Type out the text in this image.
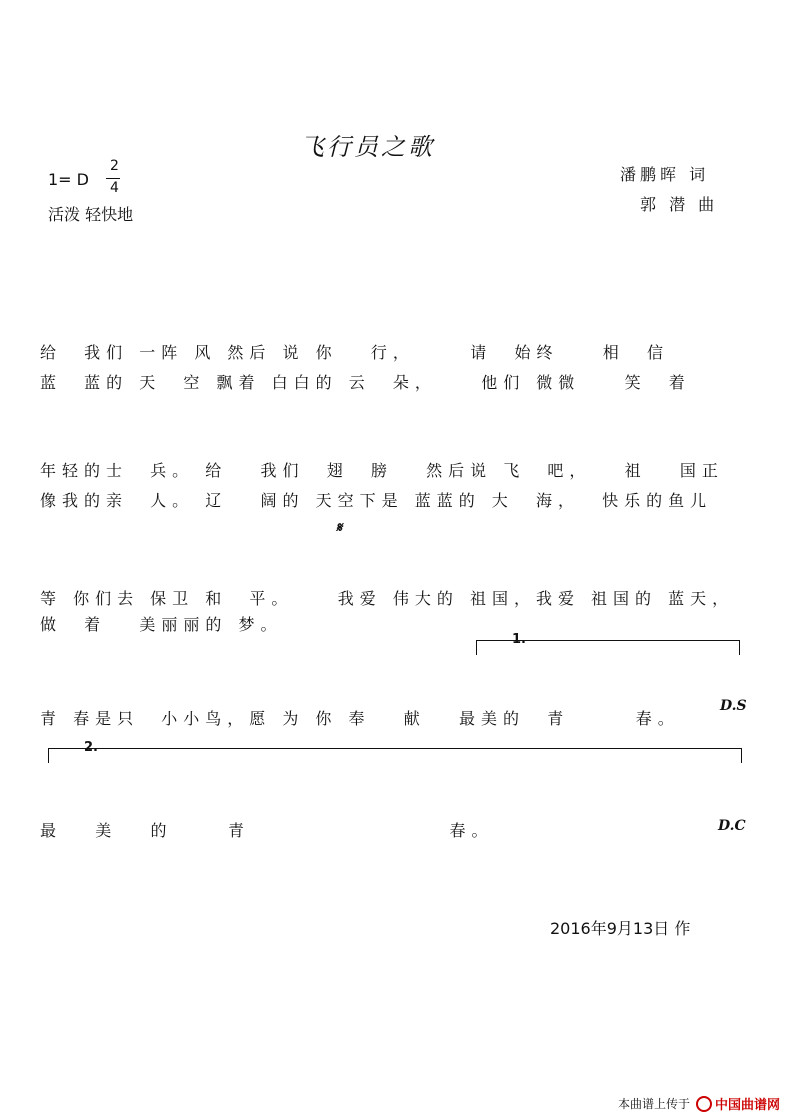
飞行员之歌
1= D
2
4
活泼 轻快地
潘鹏晖 词
郭 潜 曲

给  我们 一阵 风 然后 说 你   行，     请  始终    相  信
蓝  蓝的 天  空 飘着 白白的 云  朵，    他们 微微    笑  着

年轻的士  兵。 给   我们  翅  膀   然后说 飞  吧，   祖   国正
像我的亲  人。 辽   阔的 天空下是 蓝蓝的 大  海，  快乐的鱼儿
𝄋

等 你们去 保卫 和  平。    我爱 伟大的 祖国，我爱 祖国的 蓝天，
做  着   美丽丽的 梦。
1.

青 春是只  小小鸟，愿 为 你 奉   献   最美的  青      春。
D.S
2.

最   美   的     青                  春。	D.C
2016年9月13日 作
本曲谱上传于 中国曲谱网
